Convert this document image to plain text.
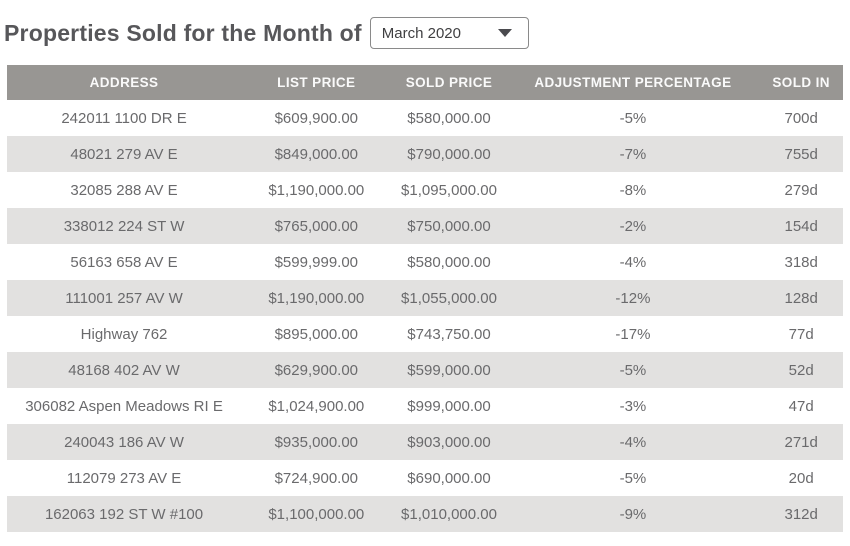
Properties Sold for the Month of March 2020
ADDRESS	LIST PRICE	SOLD PRICE	ADJUSTMENT PERCENTAGE	SOLD IN
242011 1100 DR E	$609,900.00	$580,000.00	-5%	700d
48021 279 AV E	$849,000.00	$790,000.00	-7%	755d
32085 288 AV E	$1,190,000.00	$1,095,000.00	-8%	279d
338012 224 ST W	$765,000.00	$750,000.00	-2%	154d
56163 658 AV E	$599,999.00	$580,000.00	-4%	318d
111001 257 AV W	$1,190,000.00	$1,055,000.00	-12%	128d
Highway 762	$895,000.00	$743,750.00	-17%	77d
48168 402 AV W	$629,900.00	$599,000.00	-5%	52d
306082 Aspen Meadows RI E	$1,024,900.00	$999,000.00	-3%	47d
240043 186 AV W	$935,000.00	$903,000.00	-4%	271d
112079 273 AV E	$724,900.00	$690,000.00	-5%	20d
162063 192 ST W #100	$1,100,000.00	$1,010,000.00	-9%	312d
